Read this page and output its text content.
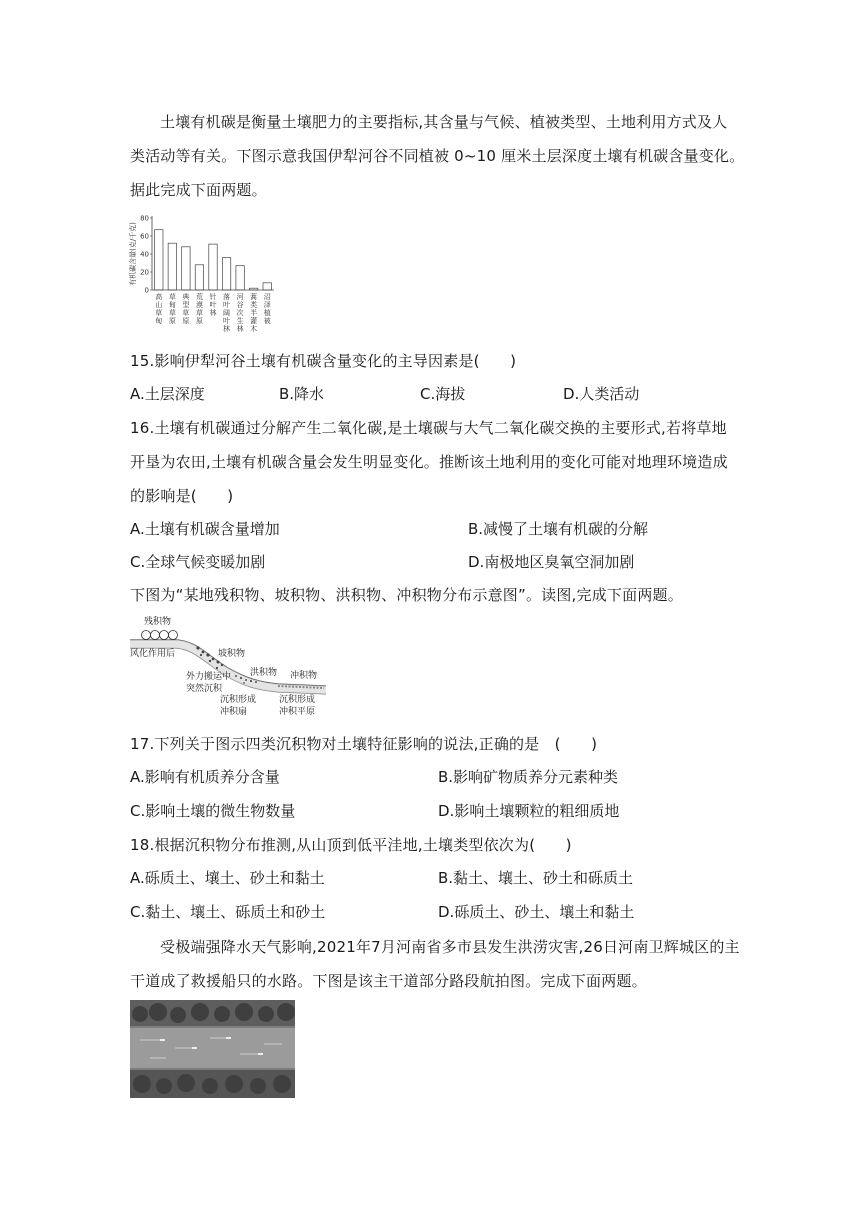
土壤有机碳是衡量土壤肥力的主要指标,其含量与气候、植被类型、土地利用方式及人
类活动等有关。下图示意我国伊犁河谷不同植被 0~10 厘米土层深度土壤有机碳含量变化。
据此完成下面两题。
有机碳含量(克/千克)
0
20
40
60
80
高山草甸
草甸草原
典型草原
荒漠草原
针叶林
落叶阔叶林
河谷次生林
蒿类半灌木
沼泽植被
15.影响伊犁河谷土壤有机碳含量变化的主导因素是(　　)
A.土层深度	B.降水	C.海拔	D.人类活动
16.土壤有机碳通过分解产生二氧化碳,是土壤碳与大气二氧化碳交换的主要形式,若将草地
开垦为农田,土壤有机碳含量会发生明显变化。推断该土地利用的变化可能对地理环境造成
的影响是(　　)
A.土壤有机碳含量增加	B.减慢了土壤有机碳的分解
C.全球气候变暖加剧	D.南极地区臭氧空洞加剧
下图为“某地残积物、坡积物、洪积物、冲积物分布示意图”。读图,完成下面两题。
残积物
风化作用后	坡积物
洪积物 冲积物
外力搬运中
突然沉积
沉积形成
冲积扇
沉积形成
冲积平原
17.下列关于图示四类沉积物对土壤特征影响的说法,正确的是　(　　)
A.影响有机质养分含量	B.影响矿物质养分元素种类
C.影响土壤的微生物数量	D.影响土壤颗粒的粗细质地
18.根据沉积物分布推测,从山顶到低平洼地,土壤类型依次为(　　)
A.砾质土、壤土、砂土和黏土	B.黏土、壤土、砂土和砾质土
C.黏土、壤土、砾质土和砂土	D.砾质土、砂土、壤土和黏土
受极端强降水天气影响,2021年7月河南省多市县发生洪涝灾害,26日河南卫辉城区的主
干道成了救援船只的水路。下图是该主干道部分路段航拍图。完成下面两题。
